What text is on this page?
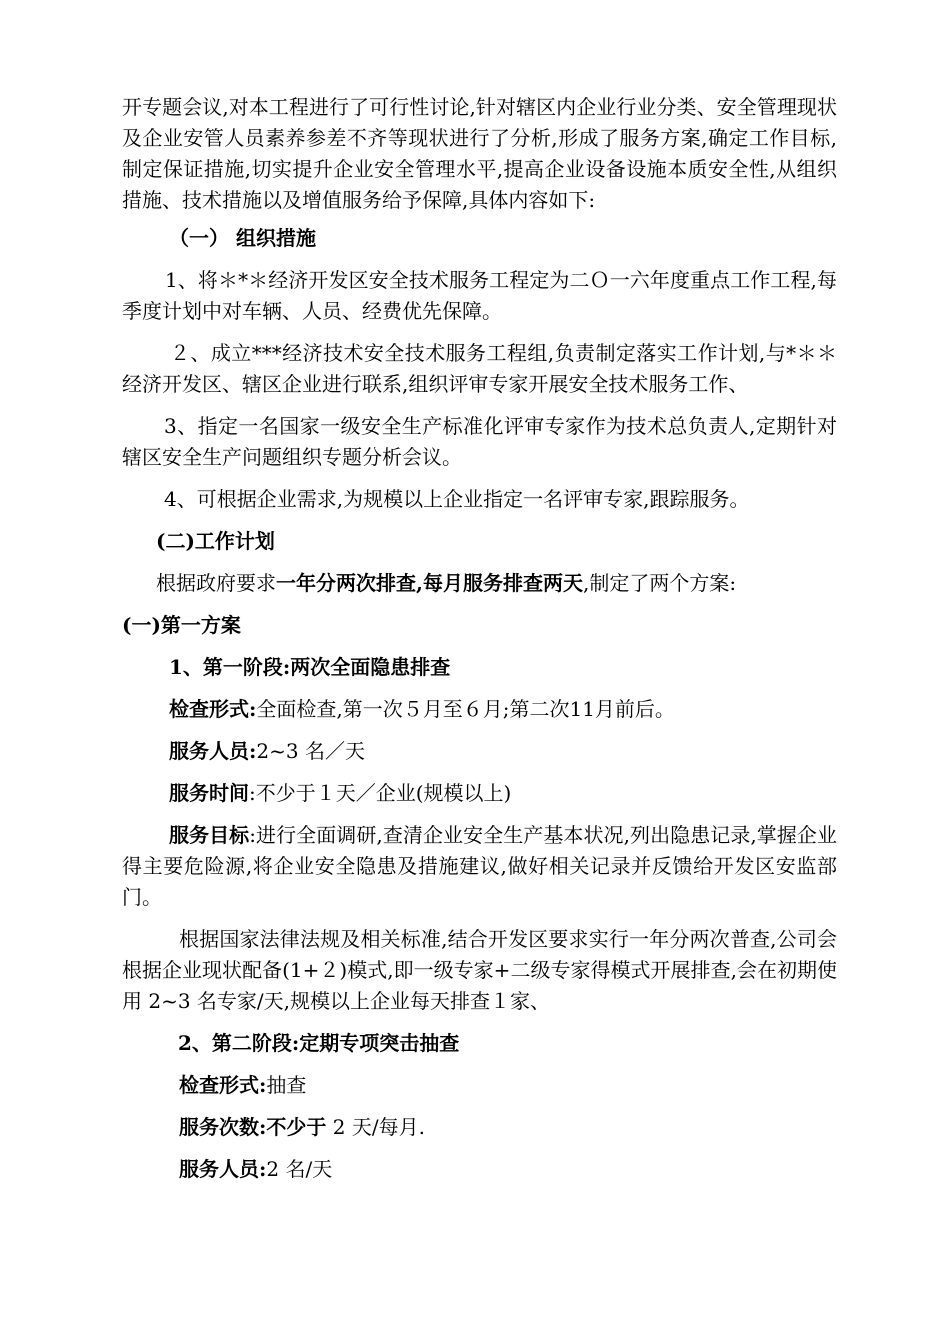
开专题会议,对本工程进行了可行性讨论,针对辖区内企业行业分类、安全管理现状及企业安管人员素养参差不齐等现状进行了分析,形成了服务方案,确定工作目标,制定保证措施,切实提升企业安全管理水平,提高企业设备设施本质安全性,从组织措施、技术措施以及增值服务给予保障,具体内容如下:

（一） 组织措施

1、将＊*＊经济开发区安全技术服务工程定为二Ｏ一六年度重点工作工程,每季度计划中对车辆、人员、经费优先保障。

２、成立***经济技术安全技术服务工程组,负责制定落实工作计划,与*＊＊经济开发区、辖区企业进行联系,组织评审专家开展安全技术服务工作、

3、指定一名国家一级安全生产标准化评审专家作为技术总负责人,定期针对辖区安全生产问题组织专题分析会议。

4、可根据企业需求,为规模以上企业指定一名评审专家,跟踪服务。

(二)工作计划

根据政府要求一年分两次排查,每月服务排查两天,制定了两个方案:

(一)第一方案

1、第一阶段:两次全面隐患排查

检查形式:全面检查,第一次５月至６月;第二次11月前后。

服务人员:2~3 名／天

服务时间:不少于１天／企业(规模以上)

服务目标:进行全面调研,查清企业安全生产基本状况,列出隐患记录,掌握企业得主要危险源,将企业安全隐患及措施建议,做好相关记录并反馈给开发区安监部门。

根据国家法律法规及相关标准,结合开发区要求实行一年分两次普查,公司会根据企业现状配备(1+２)模式,即一级专家+二级专家得模式开展排查,会在初期使用 2~3 名专家/天,规模以上企业每天排查１家、

2、第二阶段:定期专项突击抽查

检查形式:抽查

服务次数:不少于 2 天/每月.

服务人员:2 名/天
